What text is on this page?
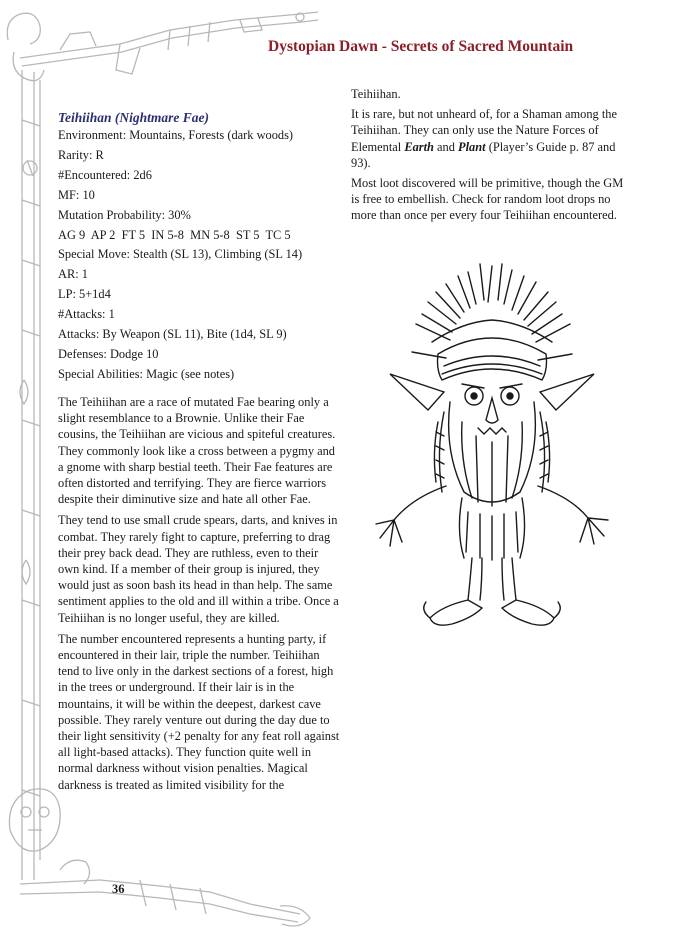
Dystopian Dawn - Secrets of Sacred Mountain
Teihiihan (Nightmare Fae)
Environment: Mountains, Forests (dark woods)
Rarity: R
#Encountered: 2d6
MF: 10
Mutation Probability: 30%
AG 9  AP 2  FT 5  IN 5-8  MN 5-8  ST 5  TC 5
Special Move: Stealth (SL 13), Climbing (SL 14)
AR: 1
LP: 5+1d4
#Attacks: 1
Attacks: By Weapon (SL 11), Bite (1d4, SL 9)
Defenses: Dodge 10
Special Abilities: Magic (see notes)

The Teihiihan are a race of mutated Fae bearing only a slight resemblance to a Brownie. Unlike their Fae cousins, the Teihiihan are vicious and spiteful creatures. They commonly look like a cross between a pygmy and a gnome with sharp bestial teeth. Their Fae features are often distorted and terrifying. They are fierce warriors despite their diminutive size and hate all other Fae.

They tend to use small crude spears, darts, and knives in combat. They rarely fight to capture, preferring to drag their prey back dead. They are ruthless, even to their own kind. If a member of their group is injured, they would just as soon bash its head in than help. The same sentiment applies to the old and ill within a tribe. Once a Teihiihan is no longer useful, they are killed.

The number encountered represents a hunting party, if encountered in their lair, triple the number. Teihiihan tend to live only in the darkest sections of a forest, high in the trees or underground. If their lair is in the mountains, it will be within the deepest, darkest cave possible. They rarely venture out during the day due to their light sensitivity (+2 penalty for any feat roll against all light-based attacks). They function quite well in normal darkness without vision penalties. Magical darkness is treated as limited visibility for the

Teihiihan.

It is rare, but not unheard of, for a Shaman among the Teihiihan. They can only use the Nature Forces of Elemental Earth and Plant (Player’s Guide p. 87 and 93).

Most loot discovered will be primitive, though the GM is free to embellish. Check for random loot drops no more than once per every four Teihiihan encountered.

36
